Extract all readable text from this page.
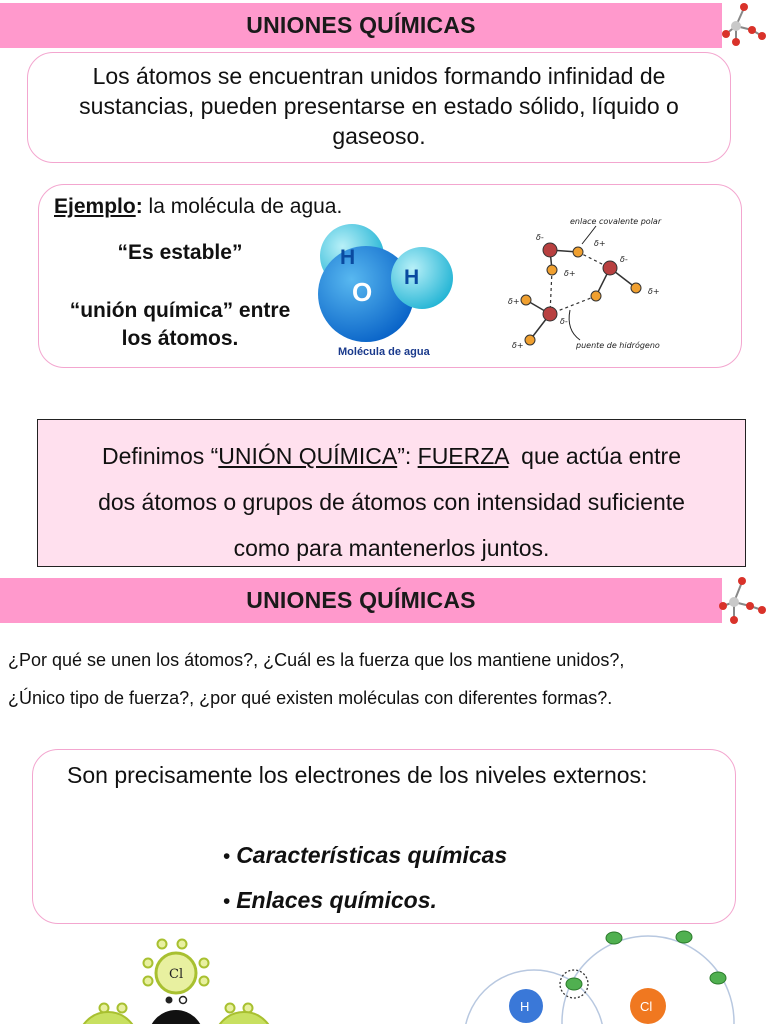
UNIONES QUÍMICAS

Los átomos se encuentran unidos formando infinidad de sustancias, pueden presentarse en estado sólido, líquido o gaseoso.

Ejemplo: la molécula de agua.
“Es estable”
“unión química” entre
los átomos.
H
H
O
Molécula de agua
δ-
δ+
δ+
δ-
δ+
δ+
δ-
δ+
enlace covalente polar
puente de hidrógeno
Definimos “UNIÓN QUÍMICA”: FUERZA  que actúa entre
dos átomos o grupos de átomos con intensidad suficiente
como para mantenerlos juntos.
UNIONES QUÍMICAS
¿Por qué se unen los átomos?, ¿Cuál es la fuerza que los mantiene unidos?,
¿Único tipo de fuerza?, ¿por qué existen moléculas con diferentes formas?.
Son precisamente los electrones de los niveles externos:
• Características químicas
• Enlaces químicos.
Cl
H	Cl
